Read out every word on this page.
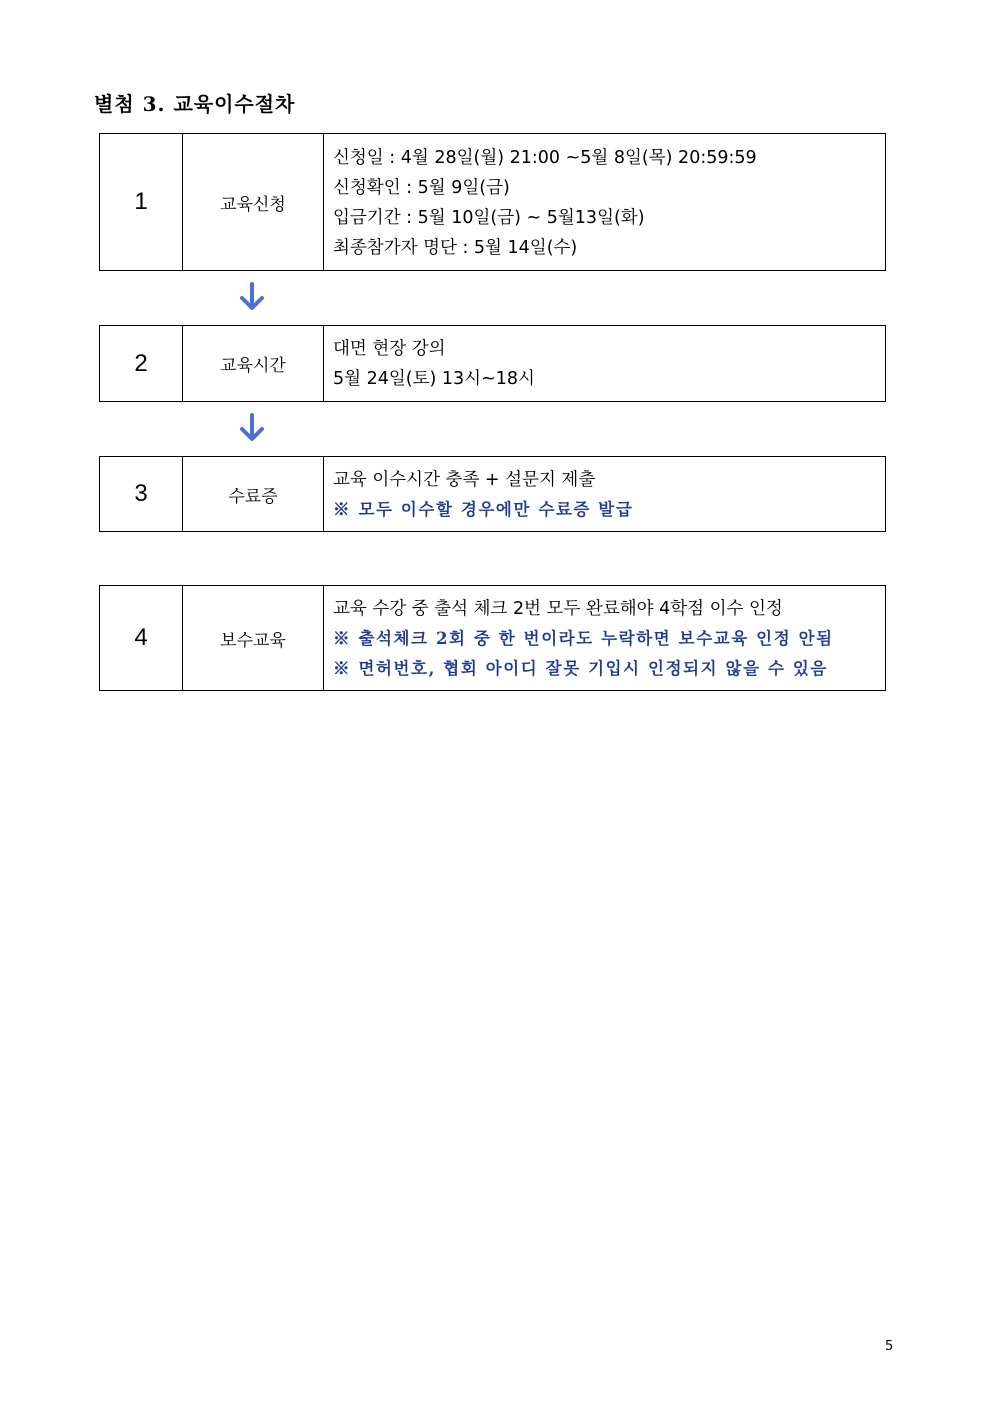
별첨 3. 교육이수절차
1	교육신청
신청일 : 4월 28일(월) 21:00 ~5월 8일(목) 20:59:59
신청확인 : 5월 9일(금)
입금기간 : 5월 10일(금) ~ 5월13일(화)
최종참가자 명단 : 5월 14일(수)
2	교육시간
대면 현장 강의
5월 24일(토) 13시~18시
3	수료증
교육 이수시간 충족 + 설문지 제출
※ 모두 이수할 경우에만 수료증 발급
4	보수교육
교육 수강 중 출석 체크 2번 모두 완료해야 4학점 이수 인정
※ 출석체크 2회 중 한 번이라도 누락하면 보수교육 인정 안됨
※ 면허번호, 협회 아이디 잘못 기입시 인정되지 않을 수 있음
5
